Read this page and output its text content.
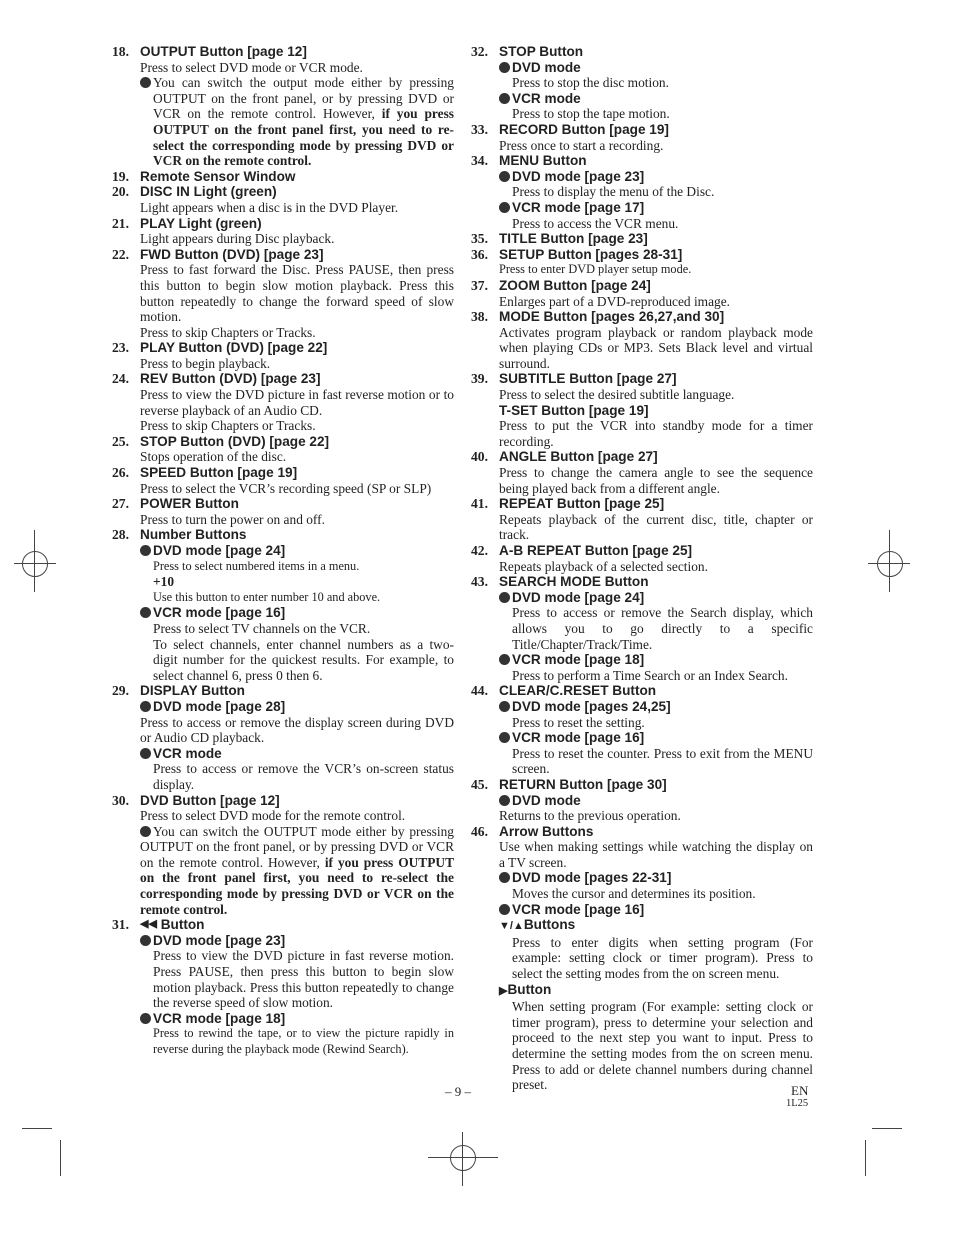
18. OUTPUT Button [page 12]
Press to select DVD mode or VCR mode.
You can switch the output mode either by pressing OUTPUT on the front panel, or by pressing DVD or VCR on the remote control. However, if you press OUTPUT on the front panel first, you need to re-select the corresponding mode by pressing DVD or VCR on the remote control.
19. Remote Sensor Window
20. DISC IN Light (green)
Light appears when a disc is in the DVD Player.
21. PLAY Light (green)
Light appears during Disc playback.
22. FWD Button (DVD) [page 23]
Press to fast forward the Disc. Press PAUSE, then press this button to begin slow motion playback. Press this button repeatedly to change the forward speed of slow motion.
Press to skip Chapters or Tracks.
23. PLAY Button (DVD) [page 22]
Press to begin playback.
24. REV Button (DVD) [page 23]
Press to view the DVD picture in fast reverse motion or to reverse playback of an Audio CD.
Press to skip Chapters or Tracks.
25. STOP Button (DVD) [page 22]
Stops operation of the disc.
26. SPEED Button [page 19]
Press to select the VCR’s recording speed (SP or SLP)
27. POWER Button
Press to turn the power on and off.
28. Number Buttons
DVD mode [page 24]
Press to select numbered items in a menu.
+10
Use this button to enter number 10 and above.
VCR mode [page 16]
Press to select TV channels on the VCR.
To select channels, enter channel numbers as a two-digit number for the quickest results. For example, to select channel 6, press 0 then 6.
29. DISPLAY Button
DVD mode [page 28]
Press to access or remove the display screen during DVD or Audio CD playback.
VCR mode
Press to access or remove the VCR’s on-screen status display.
30. DVD Button [page 12]
Press to select DVD mode for the remote control.
You can switch the OUTPUT mode either by pressing OUTPUT on the front panel, or by pressing DVD or VCR on the remote control. However, if you press OUTPUT on the front panel first, you need to re-select the corresponding mode by pressing DVD or VCR on the remote control.
31.	◀◀
Button
DVD mode [page 23]
Press to view the DVD picture in fast reverse motion. Press PAUSE, then press this button to begin slow motion playback. Press this button repeatedly to change the reverse speed of slow motion.
VCR mode [page 18]
Press to rewind the tape, or to view the picture rapidly in reverse during the playback mode (Rewind Search).
32. STOP Button
DVD mode
Press to stop the disc motion.
VCR mode
Press to stop the tape motion.
33. RECORD Button [page 19]
Press once to start a recording.
34. MENU Button
DVD mode [page 23]
Press to display the menu of the Disc.
VCR mode [page 17]
Press to access the VCR menu.
35. TITLE Button [page 23]
36. SETUP Button [pages 28-31]
Press to enter DVD player setup mode.
37. ZOOM Button [page 24]
Enlarges part of a DVD-reproduced image.
38. MODE Button [pages 26,27,and 30]
Activates program playback or random playback mode when playing CDs or MP3. Sets Black level and virtual surround.
39. SUBTITLE Button [page 27]
Press to select the desired subtitle language.
T-SET Button [page 19]
Press to put the VCR into standby mode for a timer recording.
40. ANGLE Button [page 27]
Press to change the camera angle to see the sequence being played back from a different angle.
41. REPEAT Button [page 25]
Repeats playback of the current disc, title, chapter or track.
42. A-B REPEAT Button [page 25]
Repeats playback of a selected section.
43. SEARCH MODE Button
DVD mode [page 24]
Press to access or remove the Search display, which allows you to go directly to a specific Title/Chapter/Track/Time.
VCR mode [page 18]
Press to perform a Time Search or an Index Search.
44. CLEAR/C.RESET Button
DVD mode [pages 24,25]
Press to reset the setting.
VCR mode [page 16]
Press to reset the counter. Press to exit from the MENU screen.
45. RETURN Button [page 30]
DVD mode
Returns to the previous operation.
46. Arrow Buttons
Use when making settings while watching the display on a TV screen.
DVD mode [pages 22-31]
Moves the cursor and determines its position.
VCR mode [page 16]
▼/▲Buttons
Press to enter digits when setting program (For example: setting clock or timer program). Press to select the setting modes from the on screen menu.
▶Button
When setting program (For example: setting clock or timer program), press to determine your selection and proceed to the next step you want to input. Press to determine the setting modes from the on screen menu. Press to add or delete channel numbers during channel preset.
– 9 –	EN
1L25
